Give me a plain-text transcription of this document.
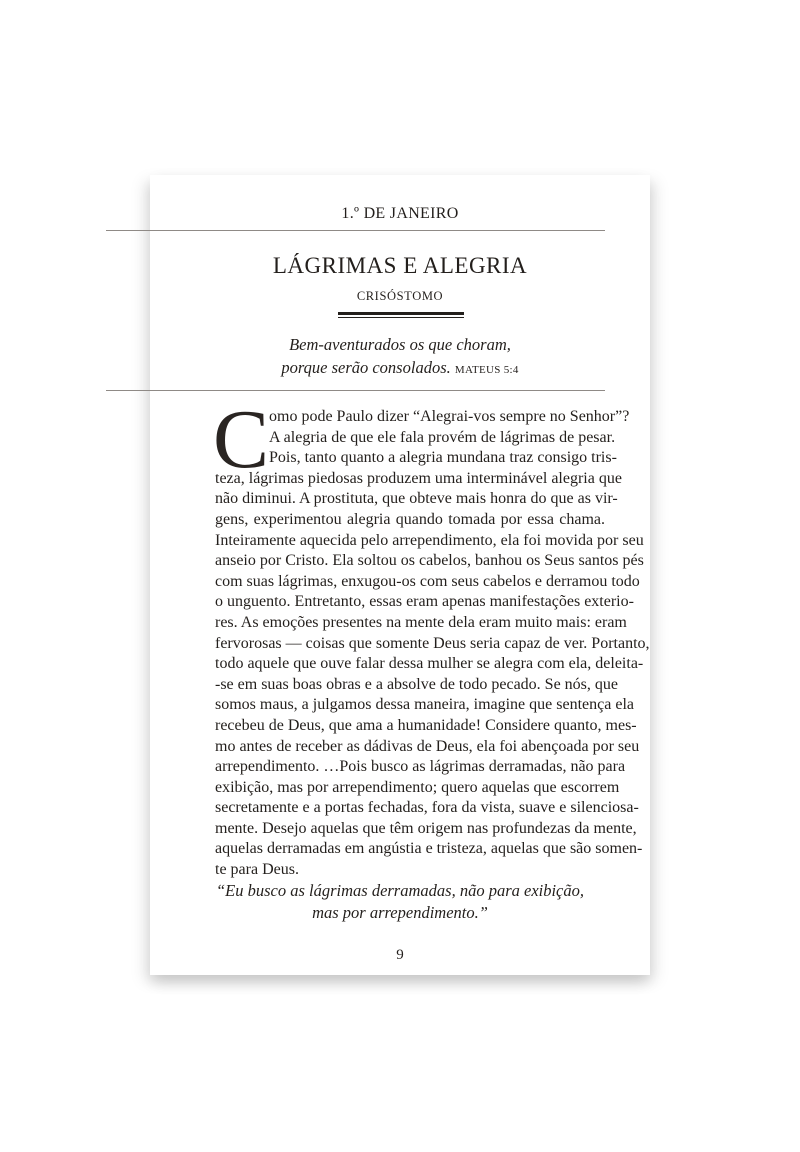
1.º DE JANEIRO
LÁGRIMAS E ALEGRIA
CRISÓSTOMO
Bem-aventurados os que choram,
porque serão consolados. MATEUS 5:4
C omo pode Paulo dizer “Alegrai-vos sempre no Senhor”?
A alegria de que ele fala provém de lágrimas de pesar.
Pois, tanto quanto a alegria mundana traz consigo tris-
teza, lágrimas piedosas produzem uma interminável alegria que
não diminui. A prostituta, que obteve mais honra do que as vir-
gens, experimentou alegria quando tomada por essa chama.
Inteiramente aquecida pelo arrependimento, ela foi movida por seu
anseio por Cristo. Ela soltou os cabelos, banhou os Seus santos pés
com suas lágrimas, enxugou-os com seus cabelos e derramou todo
o unguento. Entretanto, essas eram apenas manifestações exterio-
res. As emoções presentes na mente dela eram muito mais: eram
fervorosas — coisas que somente Deus seria capaz de ver. Portanto,
todo aquele que ouve falar dessa mulher se alegra com ela, deleita-
-se em suas boas obras e a absolve de todo pecado. Se nós, que
somos maus, a julgamos dessa maneira, imagine que sentença ela
recebeu de Deus, que ama a humanidade! Considere quanto, mes-
mo antes de receber as dádivas de Deus, ela foi abençoada por seu
arrependimento. …Pois busco as lágrimas derramadas, não para
exibição, mas por arrependimento; quero aquelas que escorrem
secretamente e a portas fechadas, fora da vista, suave e silenciosa-
mente. Desejo aquelas que têm origem nas profundezas da mente,
aquelas derramadas em angústia e tristeza, aquelas que são somen-
te para Deus.
“Eu busco as lágrimas derramadas, não para exibição,
mas por arrependimento.”
9
